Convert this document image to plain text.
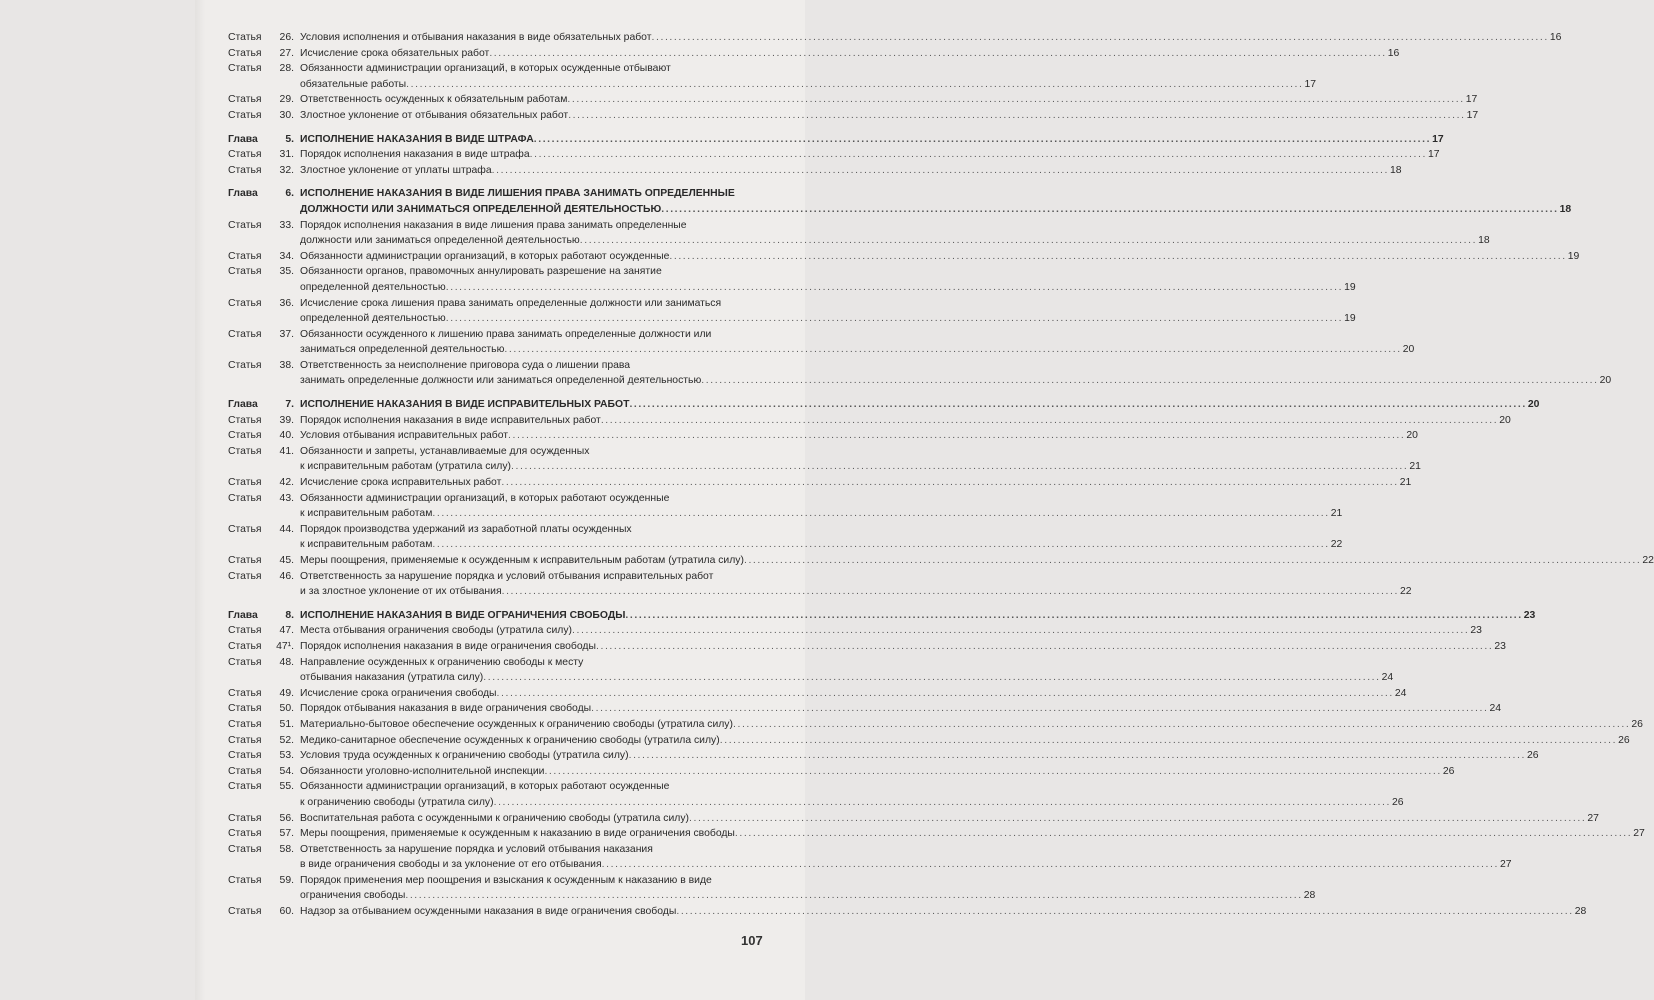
Статья	26. Условия исполнения и отбывания наказания в виде обязательных работ ........................................................................................................................................................................................................ 16
Статья	27. Исчисление срока обязательных работ ........................................................................................................................................................................................................ 16
Статья	28. Обязанности администрации организаций, в которых осужденные отбывают
обязательные работы ........................................................................................................................................................................................................ 17
Статья	29. Ответственность осужденных к обязательным работам ........................................................................................................................................................................................................ 17
Статья	30. Злостное уклонение от отбывания обязательных работ ........................................................................................................................................................................................................ 17
Глава	5. ИСПОЛНЕНИЕ НАКАЗАНИЯ В ВИДЕ ШТРАФА ........................................................................................................................................................................................................ 17
Статья	31. Порядок исполнения наказания в виде штрафа ........................................................................................................................................................................................................ 17
Статья	32. Злостное уклонение от уплаты штрафа ........................................................................................................................................................................................................ 18
Глава	6. ИСПОЛНЕНИЕ НАКАЗАНИЯ В ВИДЕ ЛИШЕНИЯ ПРАВА ЗАНИМАТЬ ОПРЕДЕЛЕННЫЕ
ДОЛЖНОСТИ ИЛИ ЗАНИМАТЬСЯ ОПРЕДЕЛЕННОЙ ДЕЯТЕЛЬНОСТЬЮ ........................................................................................................................................................................................................ 18
Статья	33. Порядок исполнения наказания в виде лишения права занимать определенные
должности или заниматься определенной деятельностью ........................................................................................................................................................................................................ 18
Статья	34. Обязанности администрации организаций, в которых работают осужденные ........................................................................................................................................................................................................ 19
Статья	35. Обязанности органов, правомочных аннулировать разрешение на занятие
определенной деятельностью ........................................................................................................................................................................................................ 19
Статья	36. Исчисление срока лишения права занимать определенные должности или заниматься
определенной деятельностью ........................................................................................................................................................................................................ 19
Статья	37. Обязанности осужденного к лишению права занимать определенные должности или
заниматься определенной деятельностью ........................................................................................................................................................................................................ 20
Статья	38. Ответственность за неисполнение приговора суда о лишении права
занимать определенные должности или заниматься определенной деятельностью ........................................................................................................................................................................................................ 20
Глава	7. ИСПОЛНЕНИЕ НАКАЗАНИЯ В ВИДЕ ИСПРАВИТЕЛЬНЫХ РАБОТ ........................................................................................................................................................................................................ 20
Статья	39. Порядок исполнения наказания в виде исправительных работ ........................................................................................................................................................................................................ 20
Статья	40. Условия отбывания исправительных работ ........................................................................................................................................................................................................ 20
Статья	41. Обязанности и запреты, устанавливаемые для осужденных
к исправительным работам (утратила силу) ........................................................................................................................................................................................................ 21
Статья	42. Исчисление срока исправительных работ ........................................................................................................................................................................................................ 21
Статья	43. Обязанности администрации организаций, в которых работают осужденные
к исправительным работам ........................................................................................................................................................................................................ 21
Статья	44. Порядок производства удержаний из заработной платы осужденных
к исправительным работам ........................................................................................................................................................................................................ 22
Статья	45. Меры поощрения, применяемые к осужденным к исправительным работам (утратила силу) ........................................................................................................................................................................................................ 22
Статья	46. Ответственность за нарушение порядка и условий отбывания исправительных работ
и за злостное уклонение от их отбывания ........................................................................................................................................................................................................ 22
Глава	8. ИСПОЛНЕНИЕ НАКАЗАНИЯ В ВИДЕ ОГРАНИЧЕНИЯ СВОБОДЫ ........................................................................................................................................................................................................ 23
Статья	47. Места отбывания ограничения свободы (утратила силу) ........................................................................................................................................................................................................ 23
Статья	47¹. Порядок исполнения наказания в виде ограничения свободы ........................................................................................................................................................................................................ 23
Статья	48. Направление осужденных к ограничению свободы к месту
отбывания наказания (утратила силу) ........................................................................................................................................................................................................ 24
Статья	49. Исчисление срока ограничения свободы ........................................................................................................................................................................................................ 24
Статья	50. Порядок отбывания наказания в виде ограничения свободы ........................................................................................................................................................................................................ 24
Статья	51. Материально-бытовое обеспечение осужденных к ограничению свободы (утратила силу) ........................................................................................................................................................................................................ 26
Статья	52. Медико-санитарное обеспечение осужденных к ограничению свободы (утратила силу) ........................................................................................................................................................................................................ 26
Статья	53. Условия труда осужденных к ограничению свободы (утратила силу) ........................................................................................................................................................................................................ 26
Статья	54. Обязанности уголовно-исполнительной инспекции ........................................................................................................................................................................................................ 26
Статья	55. Обязанности администрации организаций, в которых работают осужденные
к ограничению свободы (утратила силу) ........................................................................................................................................................................................................ 26
Статья	56. Воспитательная работа с осужденными к ограничению свободы (утратила силу) ........................................................................................................................................................................................................ 27
Статья	57. Меры поощрения, применяемые к осужденным к наказанию в виде ограничения свободы ........................................................................................................................................................................................................ 27
Статья	58. Ответственность за нарушение порядка и условий отбывания наказания
в виде ограничения свободы и за уклонение от его отбывания ........................................................................................................................................................................................................ 27
Статья	59. Порядок применения мер поощрения и взыскания к осужденным к наказанию в виде
ограничения свободы ........................................................................................................................................................................................................ 28
Статья	60. Надзор за отбыванием осужденными наказания в виде ограничения свободы ........................................................................................................................................................................................................ 28
107
